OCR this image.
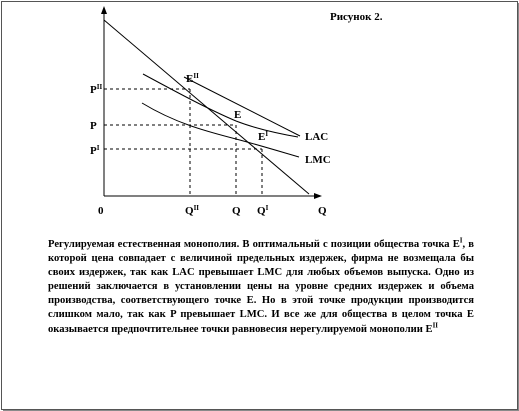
Рисунок 2.
$E^{II}$
E
$E^I$	LAC
LMC
$P^{II}$
P
$P^I$
0	$Q^{II}$	Q $Q^I$	Q

Регулируемая естественная монополия. В оптимальный с позиции общества точка $E^I$, в которой цена совпадает с величиной предельных издержек, фирма не возмещала бы своих издержек, так как LAC превышает LMC для любых объемов выпуска. Одно из решений заключается в установлении цены на уровне средних издержек и объема производства, соответствующего точке E. Но в этой точке продукции производится слишком мало, так как P превышает LMC. И все же для общества в целом точка E оказывается предпочтительнее точки равновесия нерегулируемой монополии $E^{II}$
